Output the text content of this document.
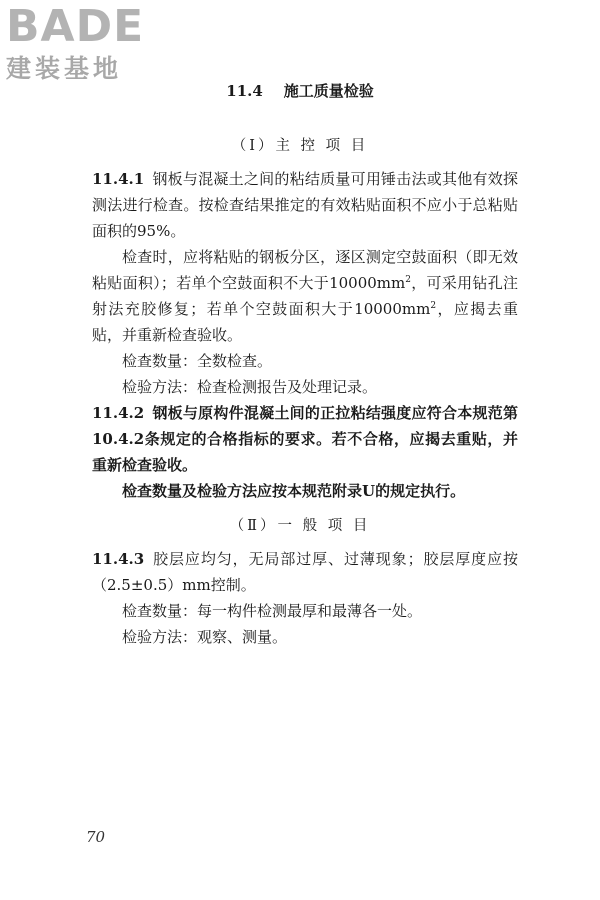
BADE
建装基地
11.4 施工质量检验
（Ⅰ）主 控 项 目
11.4.1 钢板与混凝土之间的粘结质量可用锤击法或其他有效探测法进行检查。按检查结果推定的有效粘贴面积不应小于总粘贴面积的95%。
检查时，应将粘贴的钢板分区，逐区测定空鼓面积（即无效粘贴面积）；若单个空鼓面积不大于$10000mm^2$，可采用钻孔注射法充胶修复；若单个空鼓面积大于$10000mm^2$，应揭去重贴，并重新检查验收。
检查数量：全数检查。
检验方法：检查检测报告及处理记录。
11.4.2 钢板与原构件混凝土间的正拉粘结强度应符合本规范第10.4.2条规定的合格指标的要求。若不合格，应揭去重贴，并重新检查验收。
检查数量及检验方法应按本规范附录U的规定执行。
（Ⅱ）一 般 项 目
11.4.3 胶层应均匀，无局部过厚、过薄现象；胶层厚度应按（2.5±0.5）mm控制。
检查数量：每一构件检测最厚和最薄各一处。
检验方法：观察、测量。
70
